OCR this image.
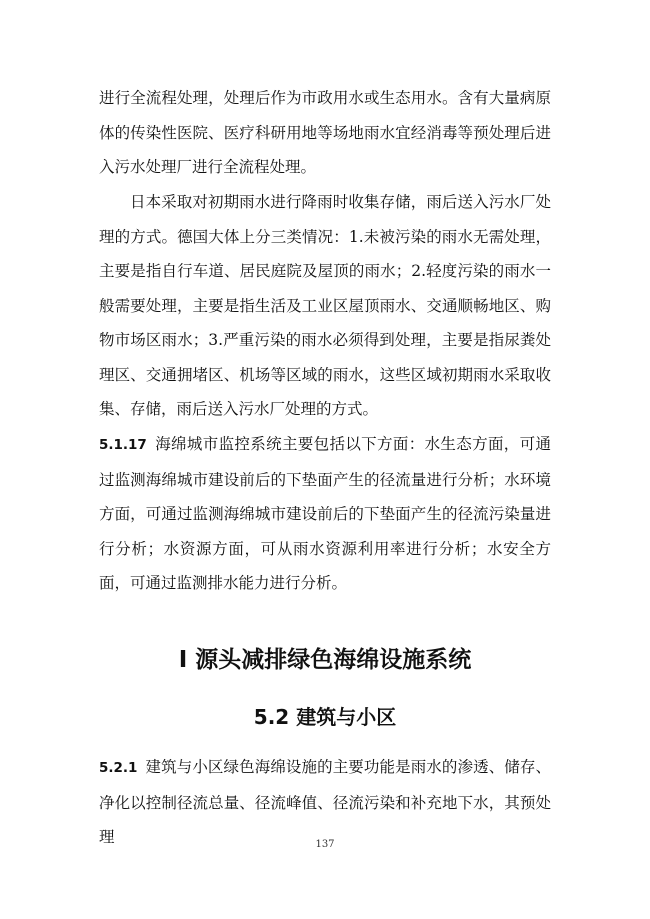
进行全流程处理，处理后作为市政用水或生态用水。含有大量病原体的传染性医院、医疗科研用地等场地雨水宜经消毒等预处理后进入污水处理厂进行全流程处理。

日本采取对初期雨水进行降雨时收集存储，雨后送入污水厂处理的方式。德国大体上分三类情况：1.未被污染的雨水无需处理，主要是指自行车道、居民庭院及屋顶的雨水；2.轻度污染的雨水一般需要处理，主要是指生活及工业区屋顶雨水、交通顺畅地区、购物市场区雨水；3.严重污染的雨水必须得到处理，主要是指尿粪处理区、交通拥堵区、机场等区域的雨水，这些区域初期雨水采取收集、存储，雨后送入污水厂处理的方式。

5.1.17 海绵城市监控系统主要包括以下方面：水生态方面，可通过监测海绵城市建设前后的下垫面产生的径流量进行分析；水环境方面，可通过监测海绵城市建设前后的下垫面产生的径流污染量进行分析；水资源方面，可从雨水资源利用率进行分析；水安全方面，可通过监测排水能力进行分析。

I 源头减排绿色海绵设施系统
5.2 建筑与小区

5.2.1 建筑与小区绿色海绵设施的主要功能是雨水的渗透、储存、净化以控制径流总量、径流峰值、径流污染和补充地下水，其预处理	137
